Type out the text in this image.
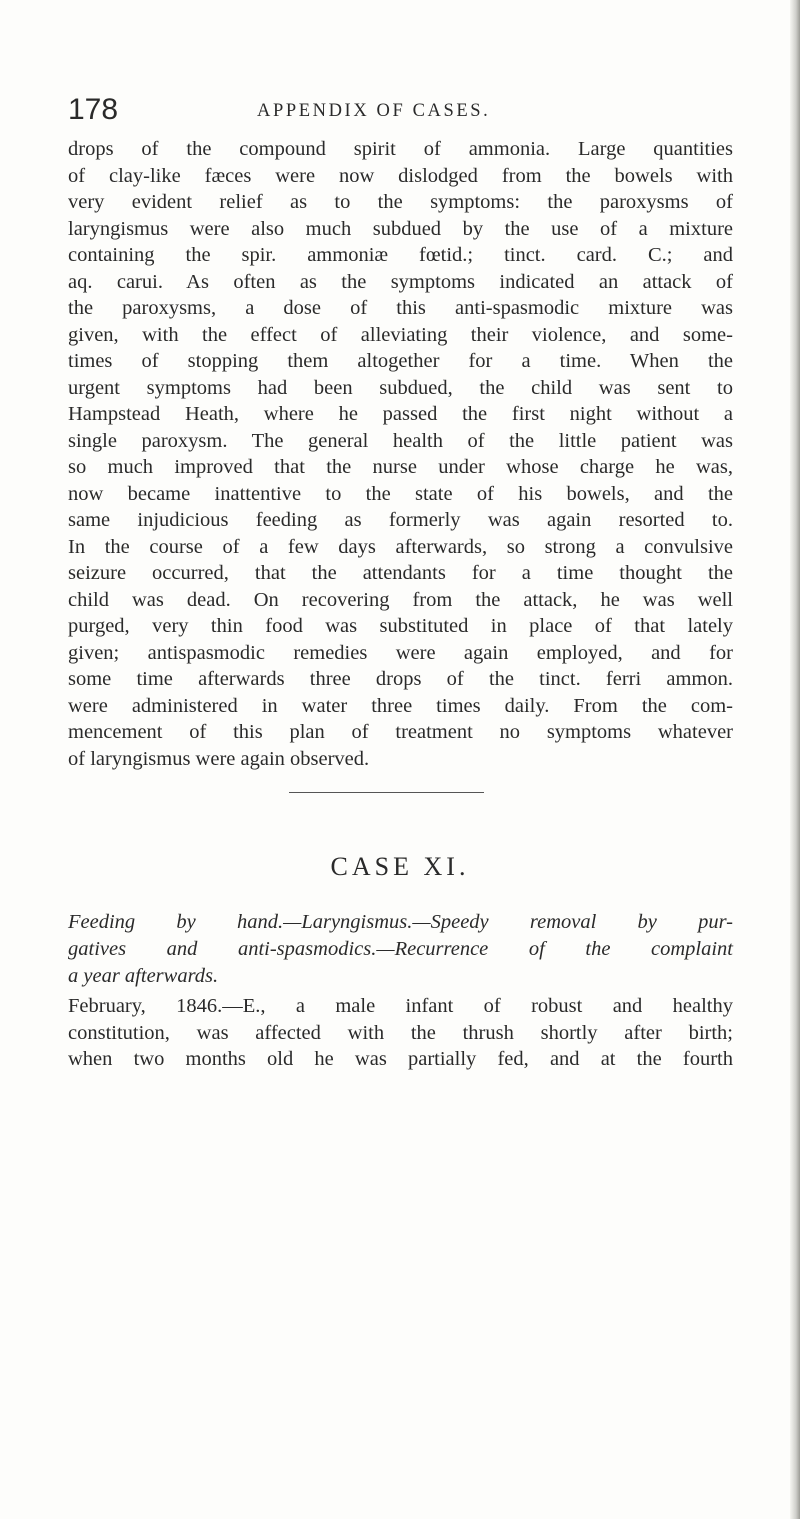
178	APPENDIX OF CASES.
drops of the compound spirit of ammonia. Large quantities
of clay-like fæces were now dislodged from the bowels with
very evident relief as to the symptoms: the paroxysms of
laryngismus were also much subdued by the use of a mixture
containing the spir. ammoniæ fœtid.; tinct. card. C.; and
aq. carui. As often as the symptoms indicated an attack of
the paroxysms, a dose of this anti-spasmodic mixture was
given, with the effect of alleviating their violence, and some-
times of stopping them altogether for a time. When the
urgent symptoms had been subdued, the child was sent to
Hampstead Heath, where he passed the first night without a
single paroxysm. The general health of the little patient was
so much improved that the nurse under whose charge he was,
now became inattentive to the state of his bowels, and the
same injudicious feeding as formerly was again resorted to.
In the course of a few days afterwards, so strong a convulsive
seizure occurred, that the attendants for a time thought the
child was dead. On recovering from the attack, he was well
purged, very thin food was substituted in place of that lately
given; antispasmodic remedies were again employed, and for
some time afterwards three drops of the tinct. ferri ammon.
were administered in water three times daily. From the com-
mencement of this plan of treatment no symptoms whatever
of laryngismus were again observed.
CASE XI.
Feeding by hand.—Laryngismus.—Speedy removal by pur-
gatives and anti-spasmodics.—Recurrence of the complaint
a year afterwards.
February, 1846.—E., a male infant of robust and healthy
constitution, was affected with the thrush shortly after birth;
when two months old he was partially fed, and at the fourth
